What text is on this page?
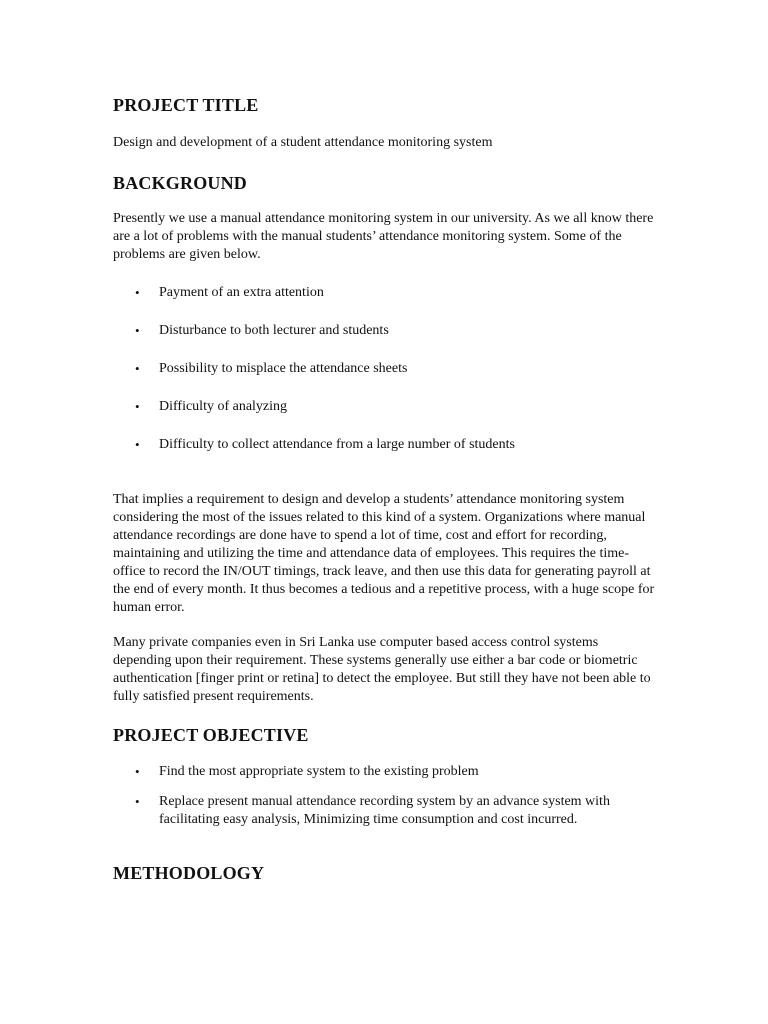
PROJECT TITLE

Design and development of a student attendance monitoring system

BACKGROUND

Presently we use a manual attendance monitoring system in our university. As we all know there are a lot of problems with the manual students’ attendance monitoring system. Some of the problems are given below.

• Payment of an extra attention
• Disturbance to both lecturer and students
• Possibility to misplace the attendance sheets
• Difficulty of analyzing
• Difficulty to collect attendance from a large number of students

That implies a requirement to design and develop a students’ attendance monitoring system considering the most of the issues related to this kind of a system. Organizations where manual attendance recordings are done have to spend a lot of time, cost and effort for recording, maintaining and utilizing the time and attendance data of employees. This requires the time-office to record the IN/OUT timings, track leave, and then use this data for generating payroll at the end of every month. It thus becomes a tedious and a repetitive process, with a huge scope for human error.

Many private companies even in Sri Lanka use computer based access control systems depending upon their requirement. These systems generally use either a bar code or biometric authentication [finger print or retina] to detect the employee. But still they have not been able to fully satisfied present requirements.

PROJECT OBJECTIVE
• Find the most appropriate system to the existing problem
• Replace present manual attendance recording system by an advance system with facilitating easy analysis, Minimizing time consumption and cost incurred.
METHODOLOGY
